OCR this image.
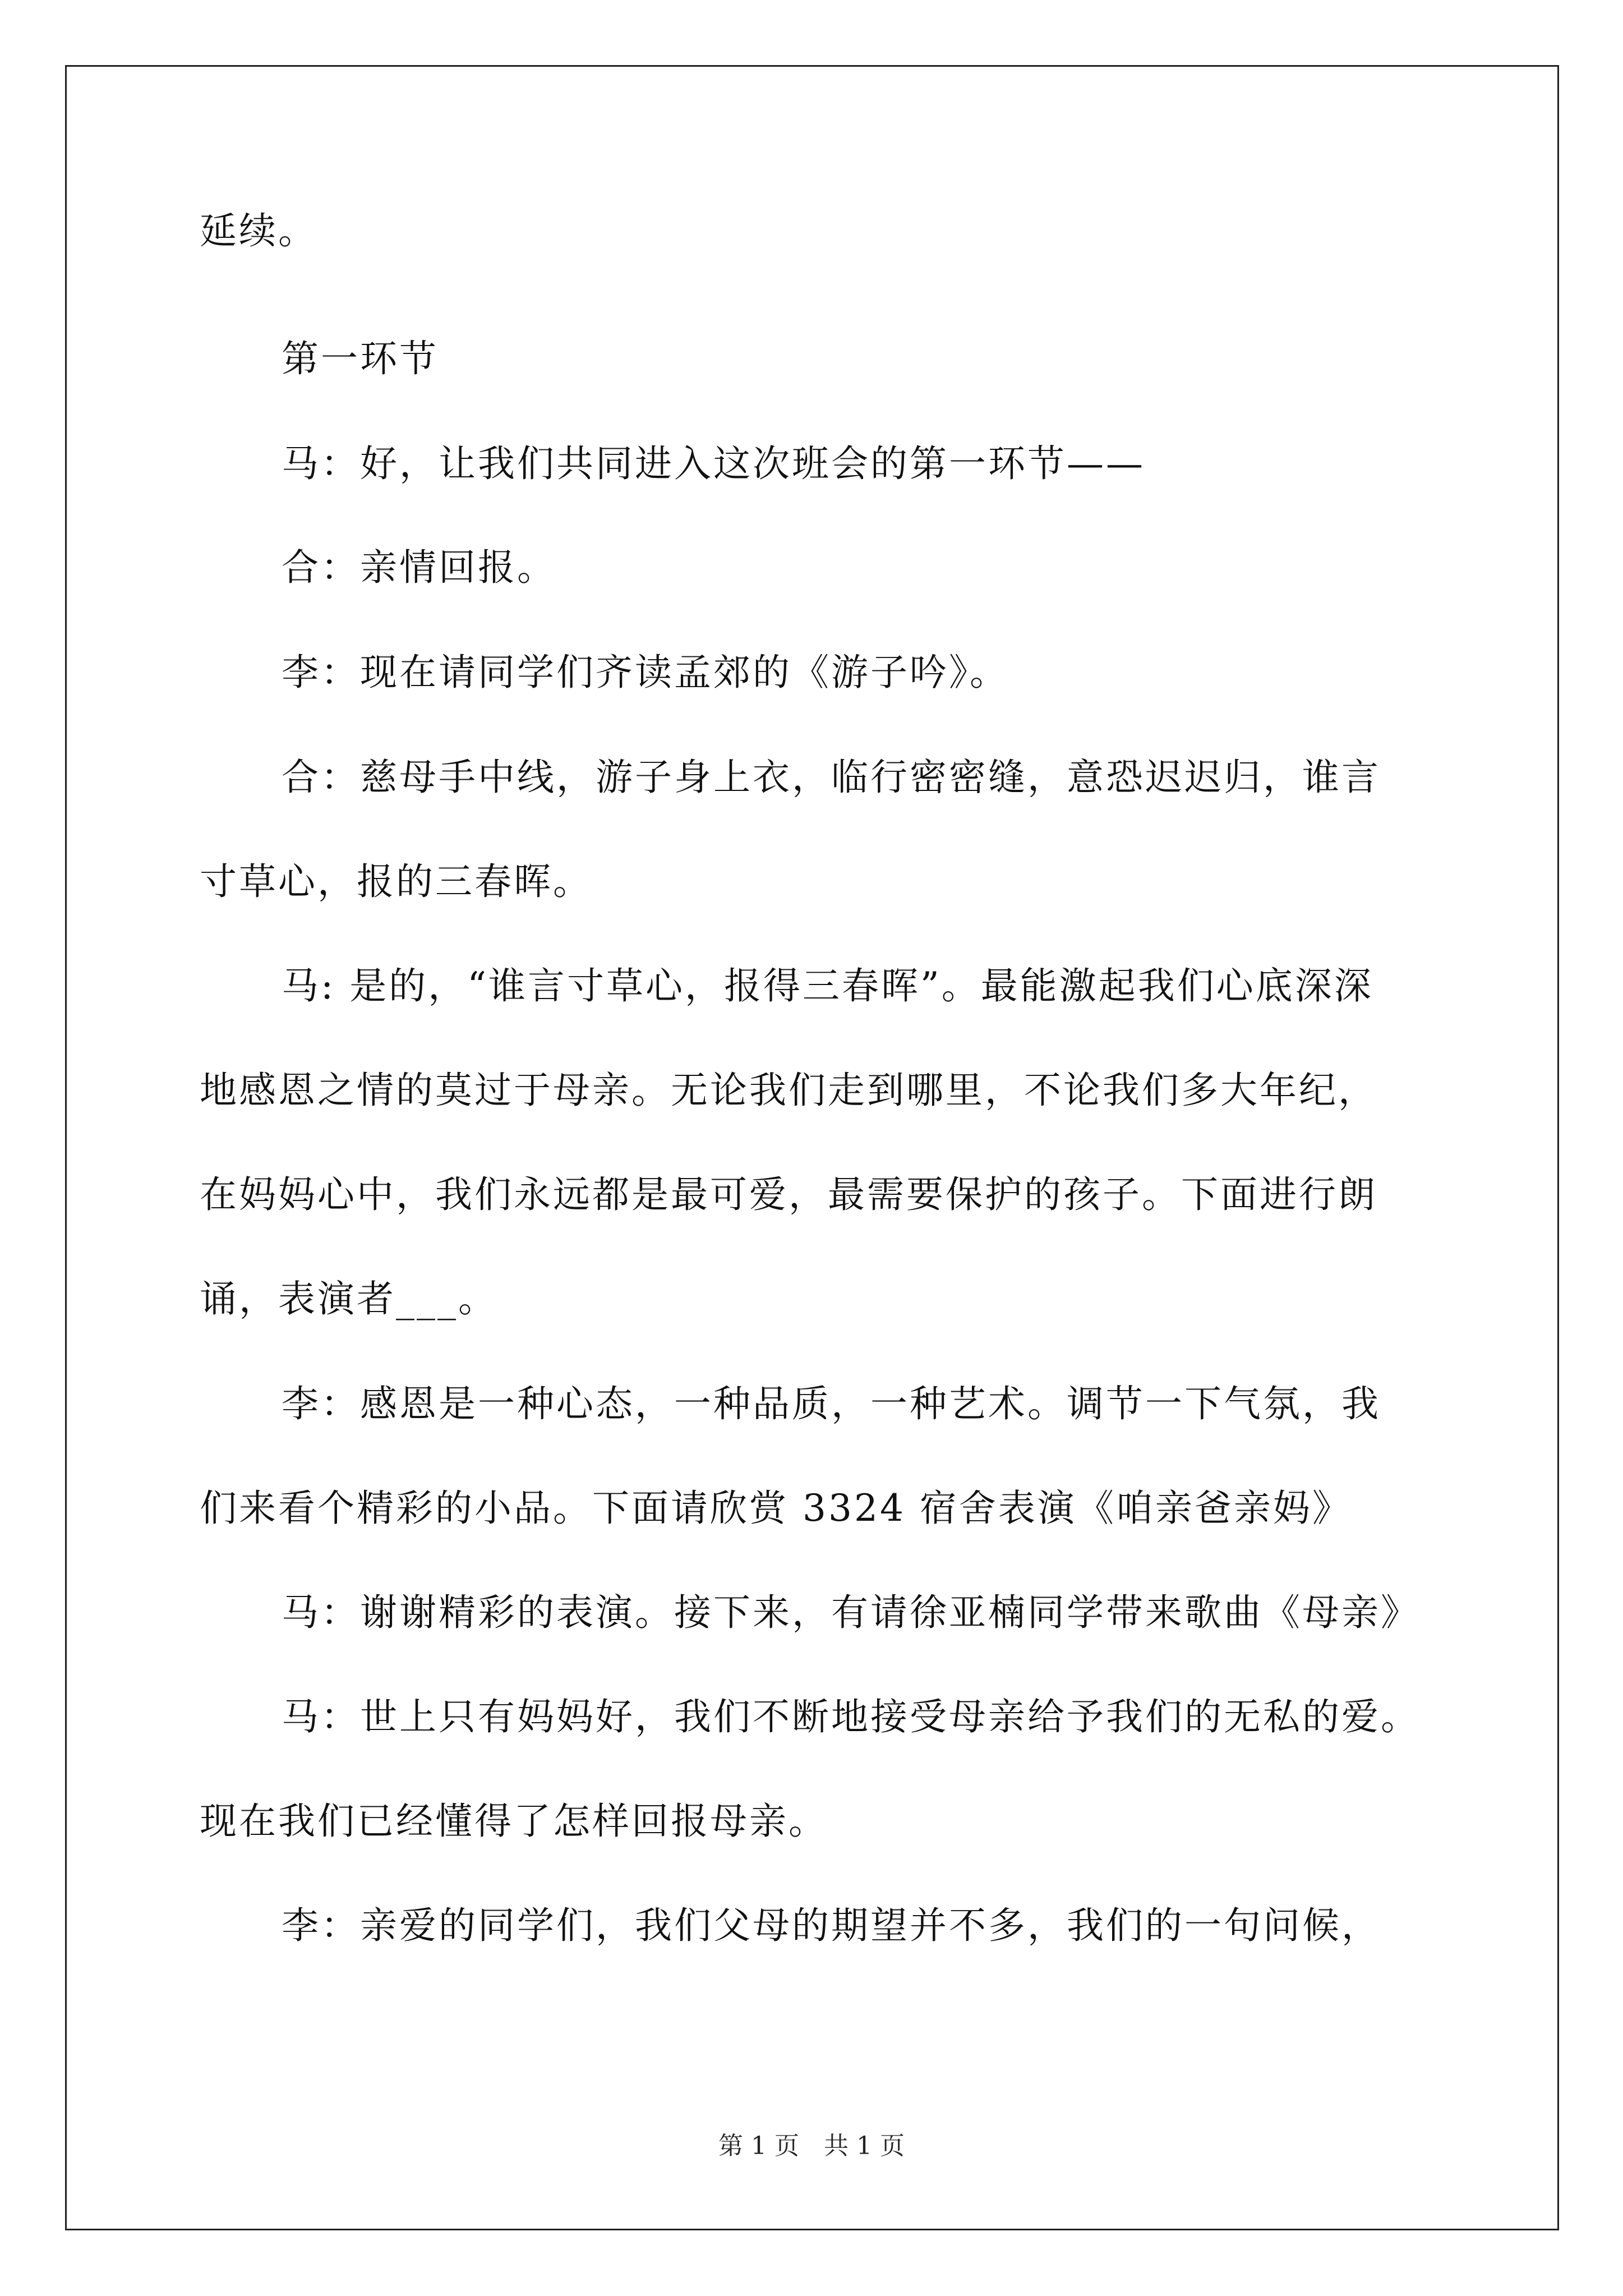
延续。
第一环节
马：好，让我们共同进入这次班会的第一环节——
合：亲情回报。
李：现在请同学们齐读孟郊的《游子吟》。
合：慈母手中线，游子身上衣，临行密密缝，意恐迟迟归，谁言
寸草心，报的三春晖。
马: 是的，“谁言寸草心，报得三春晖”。最能激起我们心底深深
地感恩之情的莫过于母亲。无论我们走到哪里，不论我们多大年纪，
在妈妈心中，我们永远都是最可爱，最需要保护的孩子。下面进行朗
诵，表演者___。
李：感恩是一种心态，一种品质，一种艺术。调节一下气氛，我
们来看个精彩的小品。下面请欣赏 3324 宿舍表演《咱亲爸亲妈》
马：谢谢精彩的表演。接下来，有请徐亚楠同学带来歌曲《母亲》
马：世上只有妈妈好，我们不断地接受母亲给予我们的无私的爱。
现在我们已经懂得了怎样回报母亲。
李：亲爱的同学们，我们父母的期望并不多，我们的一句问候，
第 1 页　共 1 页
